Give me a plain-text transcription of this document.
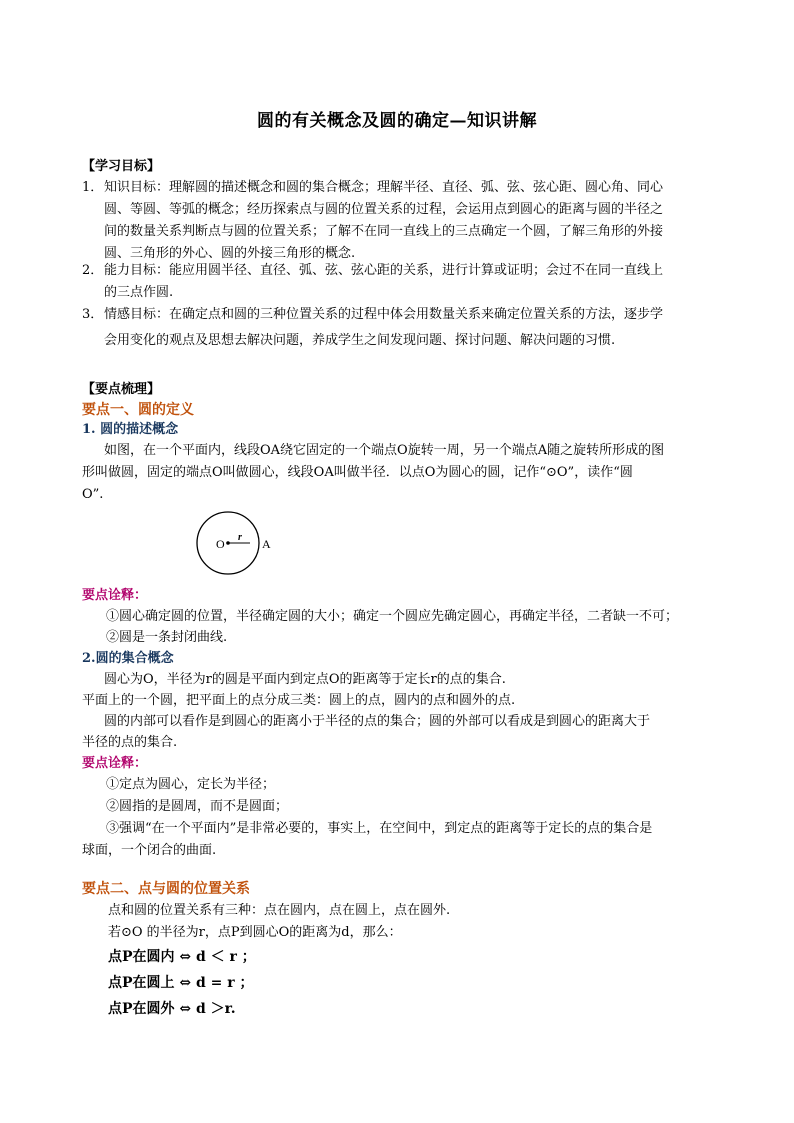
圆的有关概念及圆的确定—知识讲解
【学习目标】
1．知识目标：理解圆的描述概念和圆的集合概念；理解半径、直径、弧、弦、弦心距、圆心角、同心
圆、等圆、等弧的概念；经历探索点与圆的位置关系的过程，会运用点到圆心的距离与圆的半径之
间的数量关系判断点与圆的位置关系；了解不在同一直线上的三点确定一个圆，了解三角形的外接
圆、三角形的外心、圆的外接三角形的概念.
2．能力目标：能应用圆半径、直径、弧、弦、弦心距的关系，进行计算或证明；会过不在同一直线上
的三点作圆.
3．情感目标：在确定点和圆的三种位置关系的过程中体会用数量关系来确定位置关系的方法，逐步学
会用变化的观点及思想去解决问题，养成学生之间发现问题、探讨问题、解决问题的习惯.
【要点梳理】
要点一、圆的定义
1. 圆的描述概念
如图，在一个平面内，线段OA绕它固定的一个端点O旋转一周，另一个端点A随之旋转所形成的图
形叫做圆，固定的端点O叫做圆心，线段OA叫做半径．以点O为圆心的圆，记作“⊙O”，读作“圆
O”.
O	A
r
要点诠释：
①圆心确定圆的位置，半径确定圆的大小；确定一个圆应先确定圆心，再确定半径，二者缺一不可；
②圆是一条封闭曲线.
2.圆的集合概念
圆心为O，半径为r的圆是平面内到定点O的距离等于定长r的点的集合.
平面上的一个圆，把平面上的点分成三类：圆上的点，圆内的点和圆外的点.
圆的内部可以看作是到圆心的距离小于半径的点的集合；圆的外部可以看成是到圆心的距离大于
半径的点的集合.
要点诠释：
①定点为圆心，定长为半径；
②圆指的是圆周，而不是圆面；
③强调“在一个平面内”是非常必要的，事实上，在空间中，到定点的距离等于定长的点的集合是
球面，一个闭合的曲面.
要点二、点与圆的位置关系
点和圆的位置关系有三种：点在圆内，点在圆上，点在圆外.
若⊙O 的半径为r，点P到圆心O的距离为d，那么：
点P在圆内 ⇔ d ＜ r ；
点P在圆上 ⇔ d = r ；
点P在圆外 ⇔ d ＞r.
